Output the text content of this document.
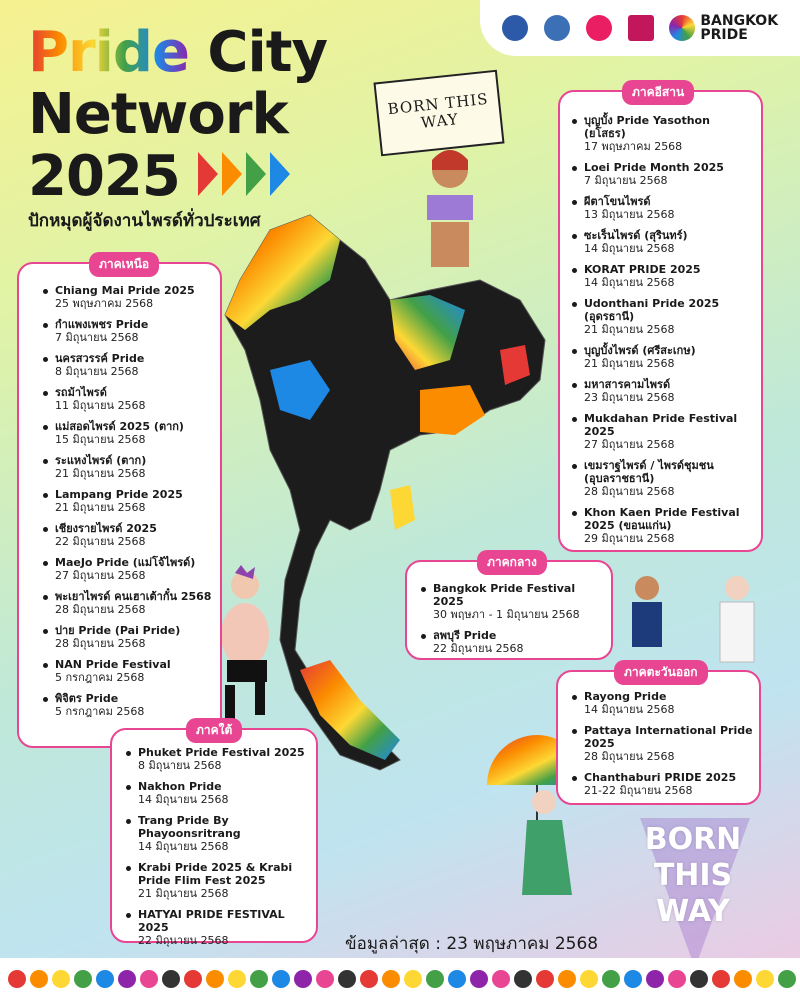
Pride City
Network
2025
ปักหมุดผู้จัดงานไพรด์ทั่วประเทศ
BANGKOK
PRIDE
BORN THIS WAY
BORN
THIS
WAY
ภาคเหนือ
Chiang Mai Pride 2025
25 พฤษภาคม 2568
กำแพงเพชร Pride
7 มิถุนายน 2568
นครสวรรค์ Pride
8 มิถุนายน 2568
รถม้าไพรด์
11 มิถุนายน 2568
แม่สอดไพรด์ 2025 (ตาก)
15 มิถุนายน 2568
ระแหงไพรด์ (ตาก)
21 มิถุนายน 2568
Lampang Pride 2025
21 มิถุนายน 2568
เชียงรายไพรด์ 2025
22 มิถุนายน 2568
MaeJo Pride (แม่โจ้ไพรด์)
27 มิถุนายน 2568
พะเยาไพรด์ คนเฮาเต้ากั๋น 2568
28 มิถุนายน 2568
ปาย Pride (Pai Pride)
28 มิถุนายน 2568
NAN Pride Festival
5 กรกฎาคม 2568
พิจิตร Pride
5 กรกฎาคม 2568
ภาคอีสาน
บุญบั้ง Pride Yasothon (ยโสธร)
17 พฤษภาคม 2568
Loei Pride Month 2025
7 มิถุนายน 2568
ผีตาโขนไพรด์
13 มิถุนายน 2568
ซะเร็นไพรด์ (สุรินทร์)
14 มิถุนายน 2568
KORAT PRIDE 2025
14 มิถุนายน 2568
Udonthani Pride 2025 (อุดรธานี)
21 มิถุนายน 2568
บุญบั้งไพรด์ (ศรีสะเกษ)
21 มิถุนายน 2568
มหาสารคามไพรด์
23 มิถุนายน 2568
Mukdahan Pride Festival 2025
27 มิถุนายน 2568
เขมราฐไพรด์ / ไพรด์ชุมชน (อุบลราชธานี)
28 มิถุนายน 2568
Khon Kaen Pride Festival 2025 (ขอนแก่น)
29 มิถุนายน 2568
ภาคกลาง
Bangkok Pride Festival 2025
30 พฤษภา - 1 มิถุนายน 2568
ลพบุรี Pride
22 มิถุนายน 2568
ภาคตะวันออก
Rayong Pride
14 มิถุนายน 2568
Pattaya International Pride 2025
28 มิถุนายน 2568
Chanthaburi PRIDE 2025
21-22 มิถุนายน 2568
ภาคใต้
Phuket Pride Festival 2025
8 มิถุนายน 2568
Nakhon Pride
14 มิถุนายน 2568
Trang Pride By Phayoonsritrang
14 มิถุนายน 2568
Krabi Pride 2025 & Krabi Pride Flim Fest 2025
21 มิถุนายน 2568
HATYAI PRIDE FESTIVAL 2025
22 มิถุนายน 2568	ข้อมูลล่าสุด : 23 พฤษภาคม 2568
